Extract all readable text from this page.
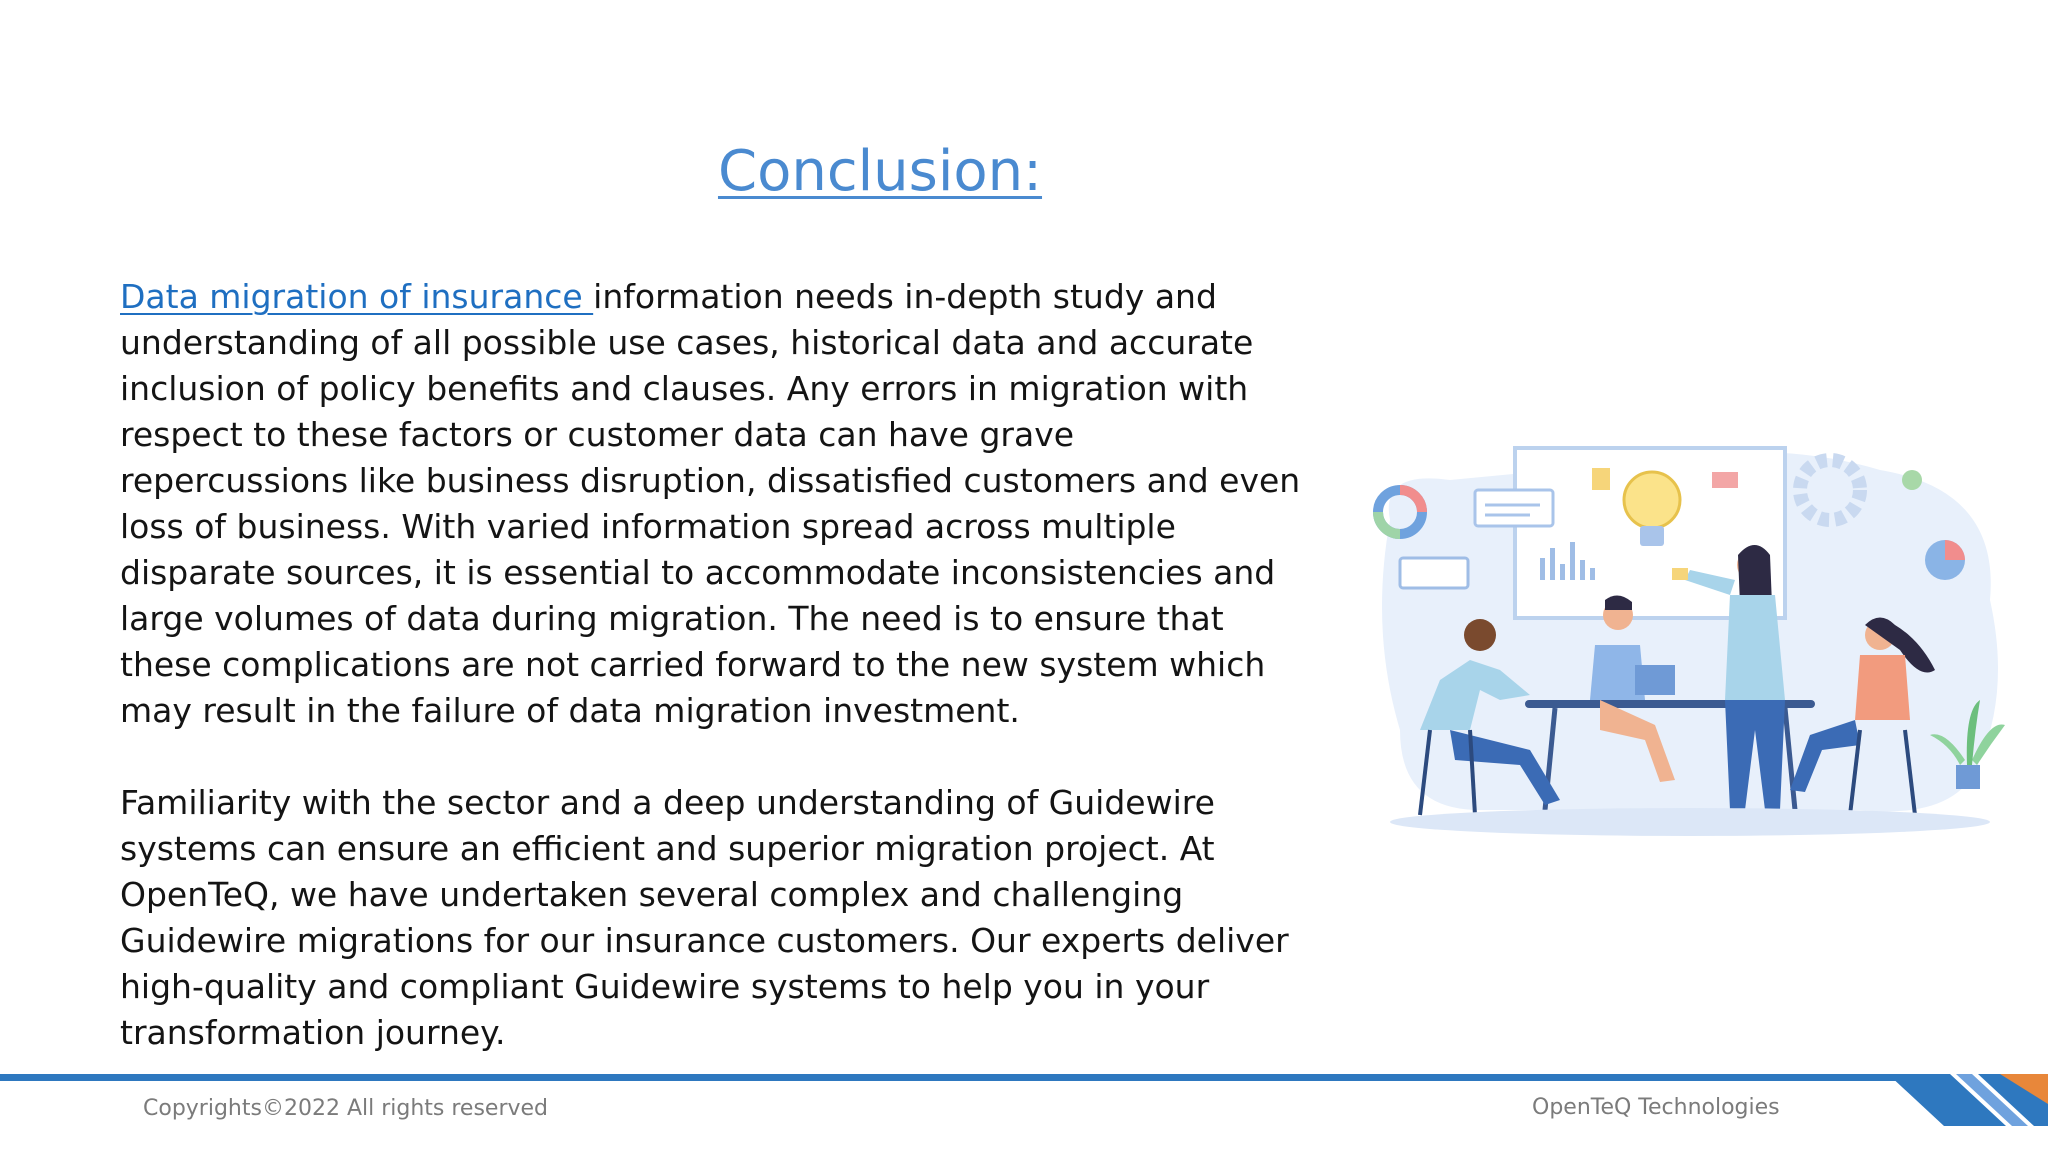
Conclusion:

Data migration of insurance information needs in-depth study and understanding of all possible use cases, historical data and accurate inclusion of policy benefits and clauses. Any errors in migration with respect to these factors or customer data can have grave repercussions like business disruption, dissatisfied customers and even loss of business. With varied information spread across multiple disparate sources, it is essential to accommodate inconsistencies and large volumes of data during migration. The need is to ensure that these complications are not carried forward to the new system which may result in the failure of data migration investment.

Familiarity with the sector and a deep understanding of Guidewire systems can ensure an efficient and superior migration project. At OpenTeQ, we have undertaken several complex and challenging Guidewire migrations for our insurance customers. Our experts deliver high-quality and compliant Guidewire systems to help you in your transformation journey.

Copyrights©2022 All rights reserved	OpenTeQ Technologies
